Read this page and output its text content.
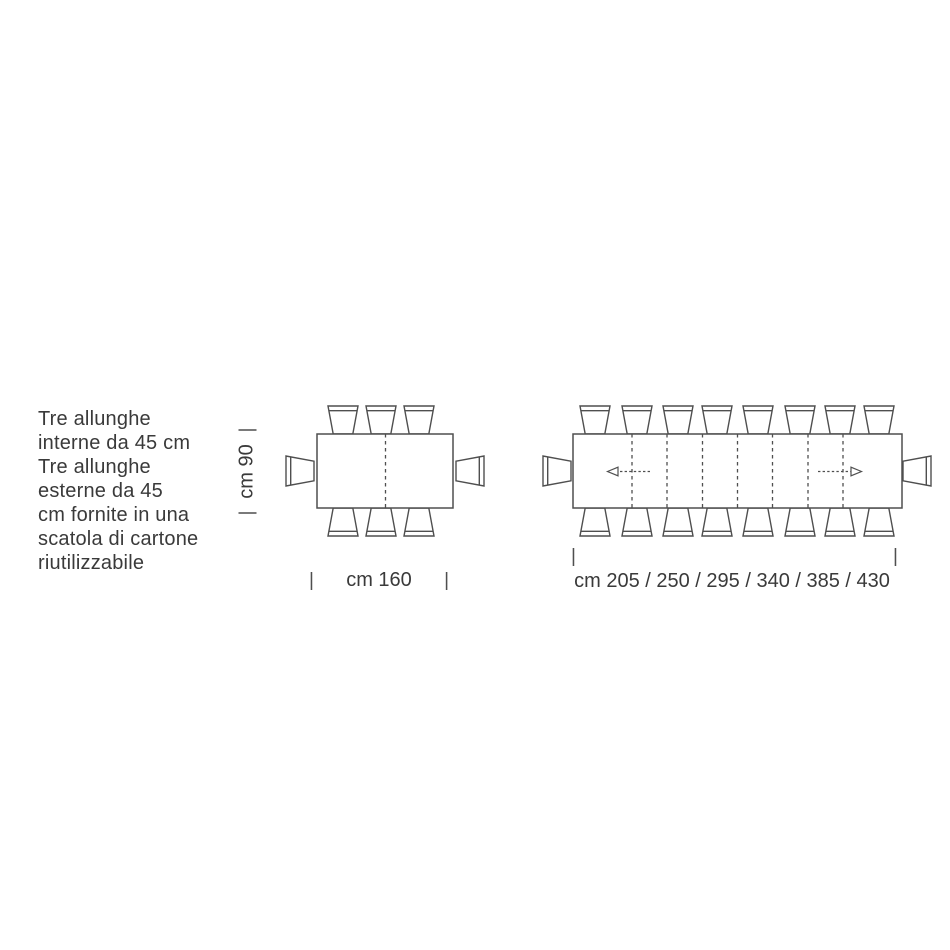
Tre allunghe
interne da 45 cm
Tre allunghe
esterne da 45
cm fornite in una
scatola di cartone
riutilizzabile
|
cm 90
|
| cm 160 |
|	|
cm 205 / 250 / 295 / 340 / 385 / 430
